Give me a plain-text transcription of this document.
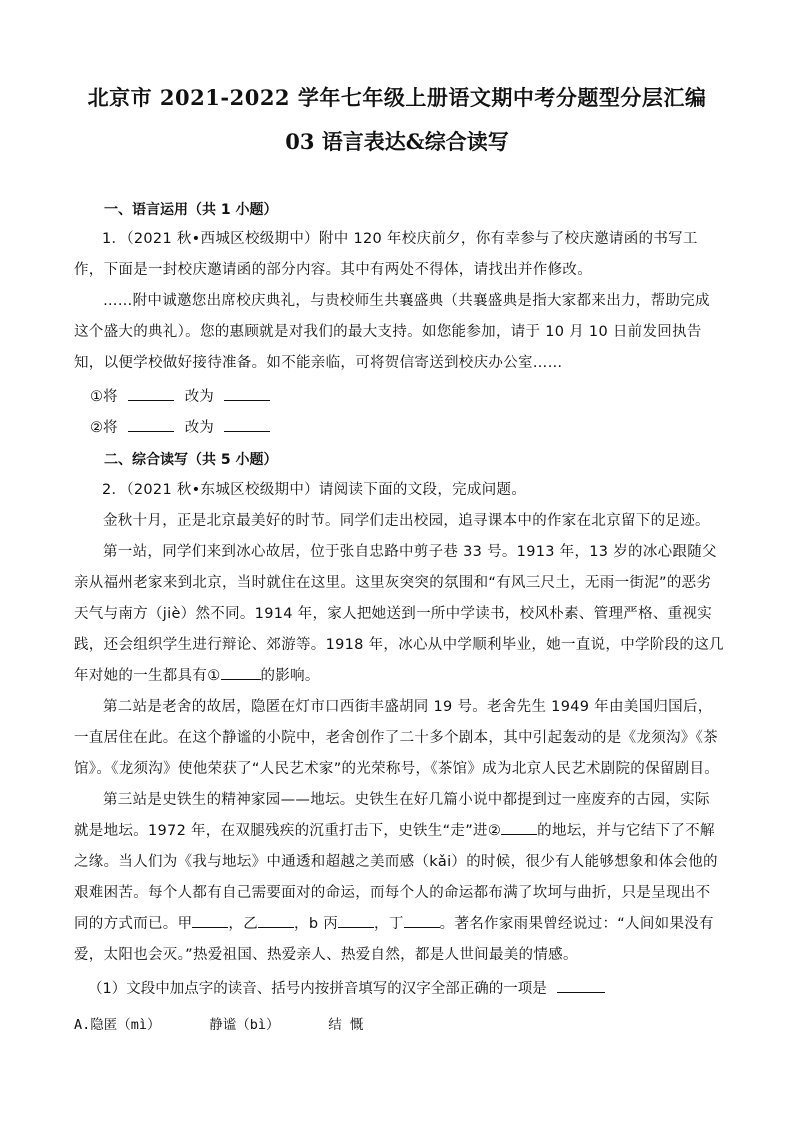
北京市 2021-2022 学年七年级上册语文期中考分题型分层汇编
03 语言表达&综合读写
一、语言运用（共 1 小题）
1．（2021 秋•西城区校级期中）附中 120 年校庆前夕，你有幸参与了校庆邀请函的书写工作，下面是一封校庆邀请函的部分内容。其中有两处不得体，请找出并作修改。
……附中诚邀您出席校庆典礼，与贵校师生共襄盛典（共襄盛典是指大家都来出力，帮助完成这个盛大的典礼）。您的惠顾就是对我们的最大支持。如您能参加，请于 10 月 10 日前发回执告知，以便学校做好接待准备。如不能亲临，可将贺信寄送到校庆办公室……
①将	改为
②将	改为
二、综合读写（共 5 小题）
2．（2021 秋•东城区校级期中）请阅读下面的文段，完成问题。
金秋十月，正是北京最美好的时节。同学们走出校园，追寻课本中的作家在北京留下的足迹。
第一站，同学们来到冰心故居，位于张自忠路中剪子巷 33 号。1913 年，13 岁的冰心跟随父亲从福州老家来到北京，当时就住在这里。这里灰突突的氛围和“有风三尺土，无雨一街泥”的恶劣天气与南方（jiè）然不同。1914 年，家人把她送到一所中学读书，校风朴素、管理严格、重视实践，还会组织学生进行辩论、郊游等。1918 年，冰心从中学顺利毕业，她一直说，中学阶段的这几年对她的一生都具有①	的影响。
第二站是老舍的故居，隐匿在灯市口西街丰盛胡同 19 号。老舍先生 1949 年由美国归国后，一直居住在此。在这个静谧的小院中，老舍创作了二十多个剧本，其中引起轰动的是《龙须沟》《茶馆》。《龙须沟》使他荣获了“人民艺术家”的光荣称号，《茶馆》成为北京人民艺术剧院的保留剧目。
第三站是史铁生的精神家园——地坛。史铁生在好几篇小说中都提到过一座废弃的古园，实际就是地坛。1972 年，在双腿残疾的沉重打击下，史铁生“走”进② 的地坛，并与它结下了不解之缘。当人们为《我与地坛》中通透和超越之美而感（kǎi）的时候，很少有人能够想象和体会他的艰难困苦。每个人都有自己需要面对的命运，而每个人的命运都布满了坎坷与曲折，只是呈现出不同的方式而已。甲 ，乙 ，b 丙 ，丁 。著名作家雨果曾经说过：“人间如果没有爱，太阳也会灭。”热爱祖国、热爱亲人、热爱自然，都是人世间最美的情感。
（1）文段中加点字的读音、括号内按拼音填写的汉字全部正确的一项是
A.隐匿（mì）      静谧（bì）      结 慨
